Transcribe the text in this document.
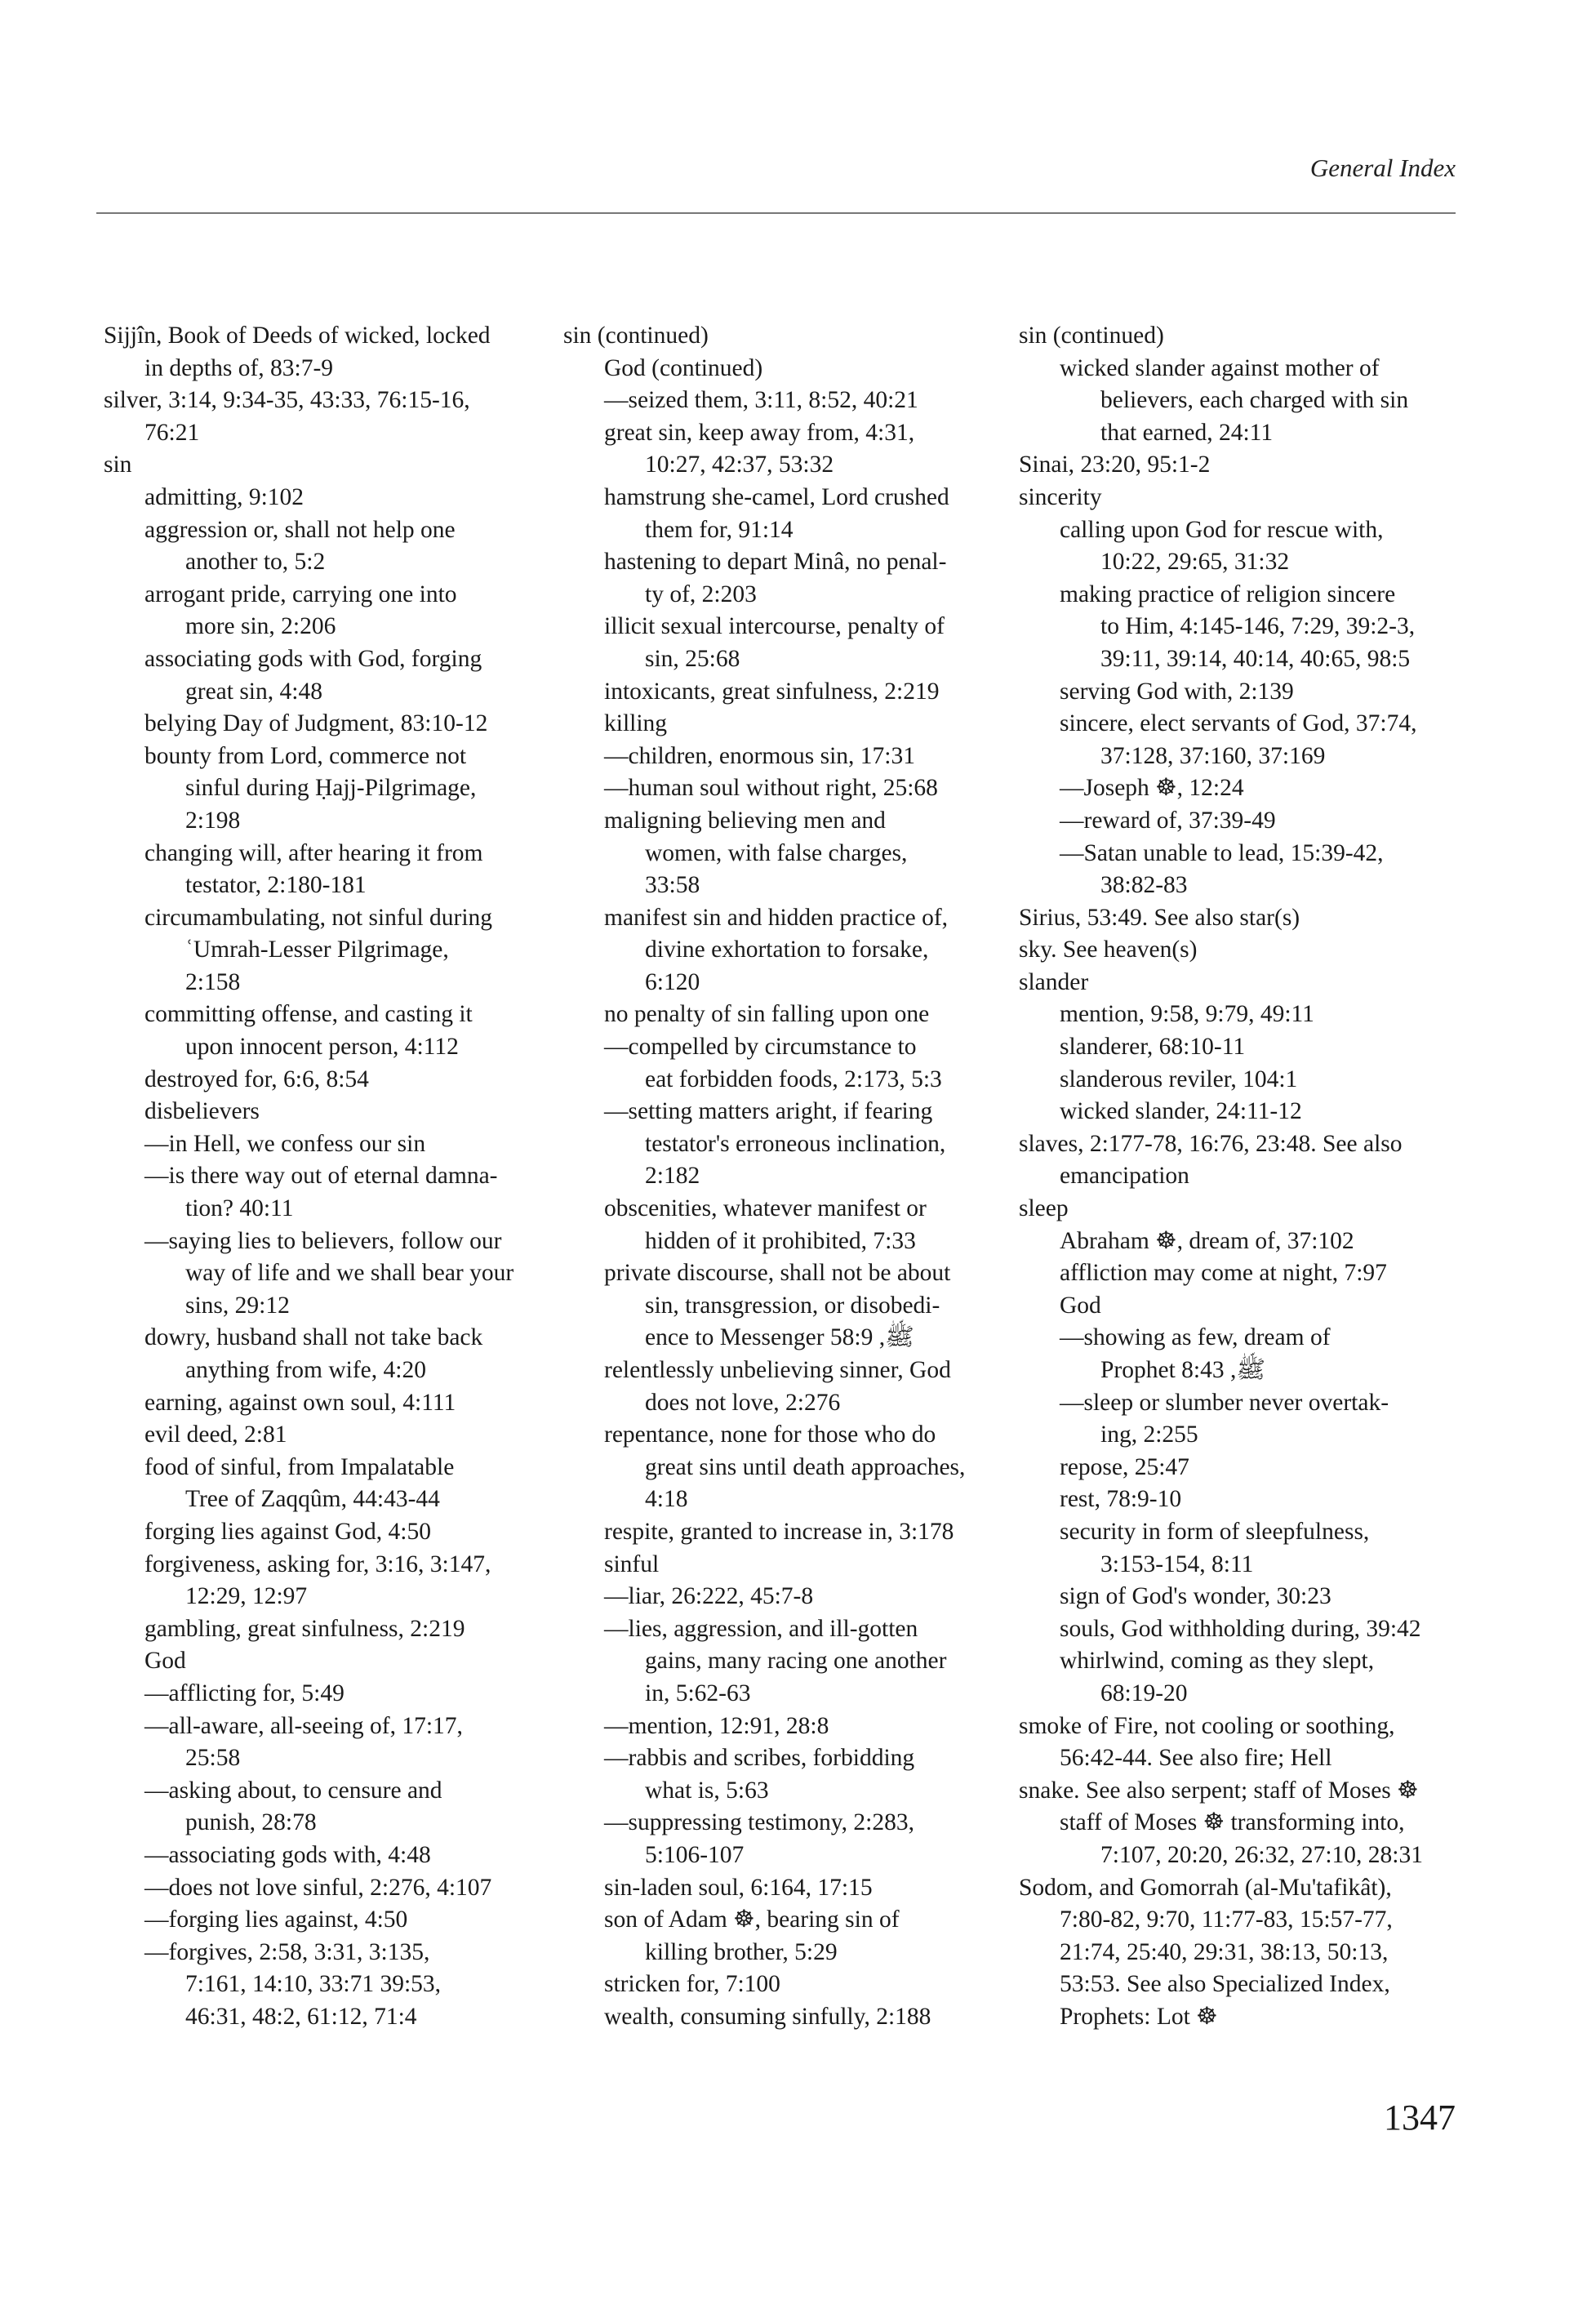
General Index
Sijjîn, Book of Deeds of wicked, locked
in depths of, 83:7-9
silver, 3:14, 9:34-35, 43:33, 76:15-16,
76:21
sin
admitting, 9:102
aggression or, shall not help one
another to, 5:2
arrogant pride, carrying one into
more sin, 2:206
associating gods with God, forging
great sin, 4:48
belying Day of Judgment, 83:10-12
bounty from Lord, commerce not
sinful during Ḥajj-Pilgrimage,
2:198
changing will, after hearing it from
testator, 2:180-181
circumambulating, not sinful during
ʿUmrah-Lesser Pilgrimage,
2:158
committing offense, and casting it
upon innocent person, 4:112
destroyed for, 6:6, 8:54
disbelievers
—in Hell, we confess our sin
—is there way out of eternal damna-
tion? 40:11
—saying lies to believers, follow our
way of life and we shall bear your
sins, 29:12
dowry, husband shall not take back
anything from wife, 4:20
earning, against own soul, 4:111
evil deed, 2:81
food of sinful, from Impalatable
Tree of Zaqqûm, 44:43-44
forging lies against God, 4:50
forgiveness, asking for, 3:16, 3:147,
12:29, 12:97
gambling, great sinfulness, 2:219
God
—afflicting for, 5:49
—all-aware, all-seeing of, 17:17,
25:58
—asking about, to censure and
punish, 28:78
—associating gods with, 4:48
—does not love sinful, 2:276, 4:107
—forging lies against, 4:50
—forgives, 2:58, 3:31, 3:135,
7:161, 14:10, 33:71 39:53,
46:31, 48:2, 61:12, 71:4
sin (continued)
God (continued)
—seized them, 3:11, 8:52, 40:21
great sin, keep away from, 4:31,
10:27, 42:37, 53:32
hamstrung she-camel, Lord crushed
them for, 91:14
hastening to depart Minâ, no penal-
ty of, 2:203
illicit sexual intercourse, penalty of
sin, 25:68
intoxicants, great sinfulness, 2:219
killing
—children, enormous sin, 17:31
—human soul without right, 25:68
maligning believing men and
women, with false charges,
33:58
manifest sin and hidden practice of,
divine exhortation to forsake,
6:120
no penalty of sin falling upon one
—compelled by circumstance to
eat forbidden foods, 2:173, 5:3
—setting matters aright, if fearing
testator's erroneous inclination,
2:182
obscenities, whatever manifest or
hidden of it prohibited, 7:33
private discourse, shall not be about
sin, transgression, or disobedi-
ence to Messenger ﷺ, 58:9
relentlessly unbelieving sinner, God
does not love, 2:276
repentance, none for those who do
great sins until death approaches,
4:18
respite, granted to increase in, 3:178
sinful
—liar, 26:222, 45:7-8
—lies, aggression, and ill-gotten
gains, many racing one another
in, 5:62-63
—mention, 12:91, 28:8
—rabbis and scribes, forbidding
what is, 5:63
—suppressing testimony, 2:283,
5:106-107
sin-laden soul, 6:164, 17:15
son of Adam ☸, bearing sin of
killing brother, 5:29
stricken for, 7:100
wealth, consuming sinfully, 2:188
sin (continued)
wicked slander against mother of
believers, each charged with sin
that earned, 24:11
Sinai, 23:20, 95:1-2
sincerity
calling upon God for rescue with,
10:22, 29:65, 31:32
making practice of religion sincere
to Him, 4:145-146, 7:29, 39:2-3,
39:11, 39:14, 40:14, 40:65, 98:5
serving God with, 2:139
sincere, elect servants of God, 37:74,
37:128, 37:160, 37:169
—Joseph ☸, 12:24
—reward of, 37:39-49
—Satan unable to lead, 15:39-42,
38:82-83
Sirius, 53:49. See also star(s)
sky. See heaven(s)
slander
mention, 9:58, 9:79, 49:11
slanderer, 68:10-11
slanderous reviler, 104:1
wicked slander, 24:11-12
slaves, 2:177-78, 16:76, 23:48. See also
emancipation
sleep
Abraham ☸, dream of, 37:102
affliction may come at night, 7:97
God
—showing as few, dream of
Prophet ﷺ, 8:43
—sleep or slumber never overtak-
ing, 2:255
repose, 25:47
rest, 78:9-10
security in form of sleepfulness,
3:153-154, 8:11
sign of God's wonder, 30:23
souls, God withholding during, 39:42
whirlwind, coming as they slept,
68:19-20
smoke of Fire, not cooling or soothing,
56:42-44. See also fire; Hell
snake. See also serpent; staff of Moses ☸
staff of Moses ☸ transforming into,
7:107, 20:20, 26:32, 27:10, 28:31
Sodom, and Gomorrah (al-Mu'tafikât),
7:80-82, 9:70, 11:77-83, 15:57-77,
21:74, 25:40, 29:31, 38:13, 50:13,
53:53. See also Specialized Index,
Prophets: Lot ☸
1347
